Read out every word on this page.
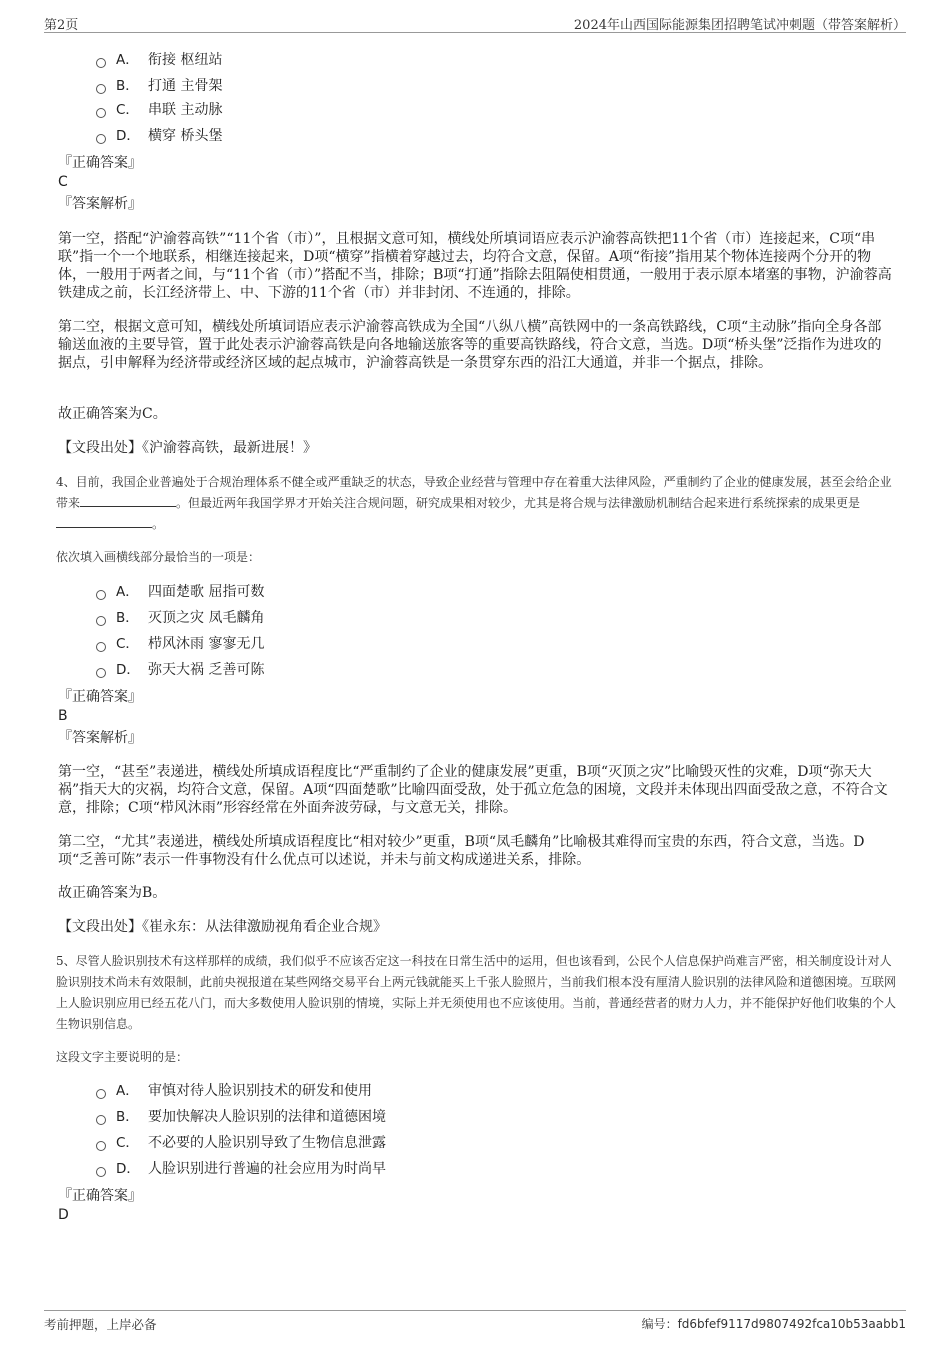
第2页	2024年山西国际能源集团招聘笔试冲刺题（带答案解析）
A． 衔接 枢纽站
B． 打通 主骨架
C． 串联 主动脉
D． 横穿 桥头堡
『正确答案』
C
『答案解析』
第一空，搭配“沪渝蓉高铁”“11个省（市）”，且根据文意可知，横线处所填词语应表示沪渝蓉高铁把11个省（市）连接起来，C项“串联”指一个一个地联系，相继连接起来，D项“横穿”指横着穿越过去，均符合文意，保留。A项“衔接”指用某个物体连接两个分开的物体，一般用于两者之间，与“11个省（市）”搭配不当，排除；B项“打通”指除去阻隔使相贯通，一般用于表示原本堵塞的事物，沪渝蓉高铁建成之前，长江经济带上、中、下游的11个省（市）并非封闭、不连通的，排除。
第二空，根据文意可知，横线处所填词语应表示沪渝蓉高铁成为全国“八纵八横”高铁网中的一条高铁路线，C项“主动脉”指向全身各部输送血液的主要导管，置于此处表示沪渝蓉高铁是向各地输送旅客等的重要高铁路线，符合文意，当选。D项“桥头堡”泛指作为进攻的据点，引申解释为经济带或经济区域的起点城市，沪渝蓉高铁是一条贯穿东西的沿江大通道，并非一个据点，排除。
故正确答案为C。
【文段出处】《沪渝蓉高铁，最新进展！》
4、目前，我国企业普遍处于合规治理体系不健全或严重缺乏的状态，导致企业经营与管理中存在着重大法律风险，严重制约了企业的健康发展，甚至会给企业带来	。但最近两年我国学界才开始关注合规问题，研究成果相对较少，尤其是将合规与法律激励机制结合起来进行系统探索的成果更是。
依次填入画横线部分最恰当的一项是：
A． 四面楚歌 屈指可数
B． 灭顶之灾 凤毛麟角
C． 栉风沐雨 寥寥无几
D． 弥天大祸 乏善可陈
『正确答案』
B
『答案解析』
第一空，“甚至”表递进，横线处所填成语程度比“严重制约了企业的健康发展”更重，B项“灭顶之灾”比喻毁灭性的灾难，D项“弥天大祸”指天大的灾祸，均符合文意，保留。A项“四面楚歌”比喻四面受敌，处于孤立危急的困境，文段并未体现出四面受敌之意，不符合文意，排除；C项“栉风沐雨”形容经常在外面奔波劳碌，与文意无关，排除。
第二空，“尤其”表递进，横线处所填成语程度比“相对较少”更重，B项“凤毛麟角”比喻极其难得而宝贵的东西，符合文意，当选。D项“乏善可陈”表示一件事物没有什么优点可以述说，并未与前文构成递进关系，排除。
故正确答案为B。
【文段出处】《崔永东：从法律激励视角看企业合规》
5、尽管人脸识别技术有这样那样的成绩，我们似乎不应该否定这一科技在日常生活中的运用，但也该看到，公民个人信息保护尚难言严密，相关制度设计对人脸识别技术尚未有效限制，此前央视报道在某些网络交易平台上两元钱就能买上千张人脸照片，当前我们根本没有厘清人脸识别的法律风险和道德困境。互联网上人脸识别应用已经五花八门，而大多数使用人脸识别的情境，实际上并无须使用也不应该使用。当前，普通经营者的财力人力，并不能保护好他们收集的个人生物识别信息。
这段文字主要说明的是：
A． 审慎对待人脸识别技术的研发和使用
B． 要加快解决人脸识别的法律和道德困境
C． 不必要的人脸识别导致了生物信息泄露
D． 人脸识别进行普遍的社会应用为时尚早
『正确答案』
D
考前押题，上岸必备	编号：fd6bfef9117d9807492fca10b53aabb1
